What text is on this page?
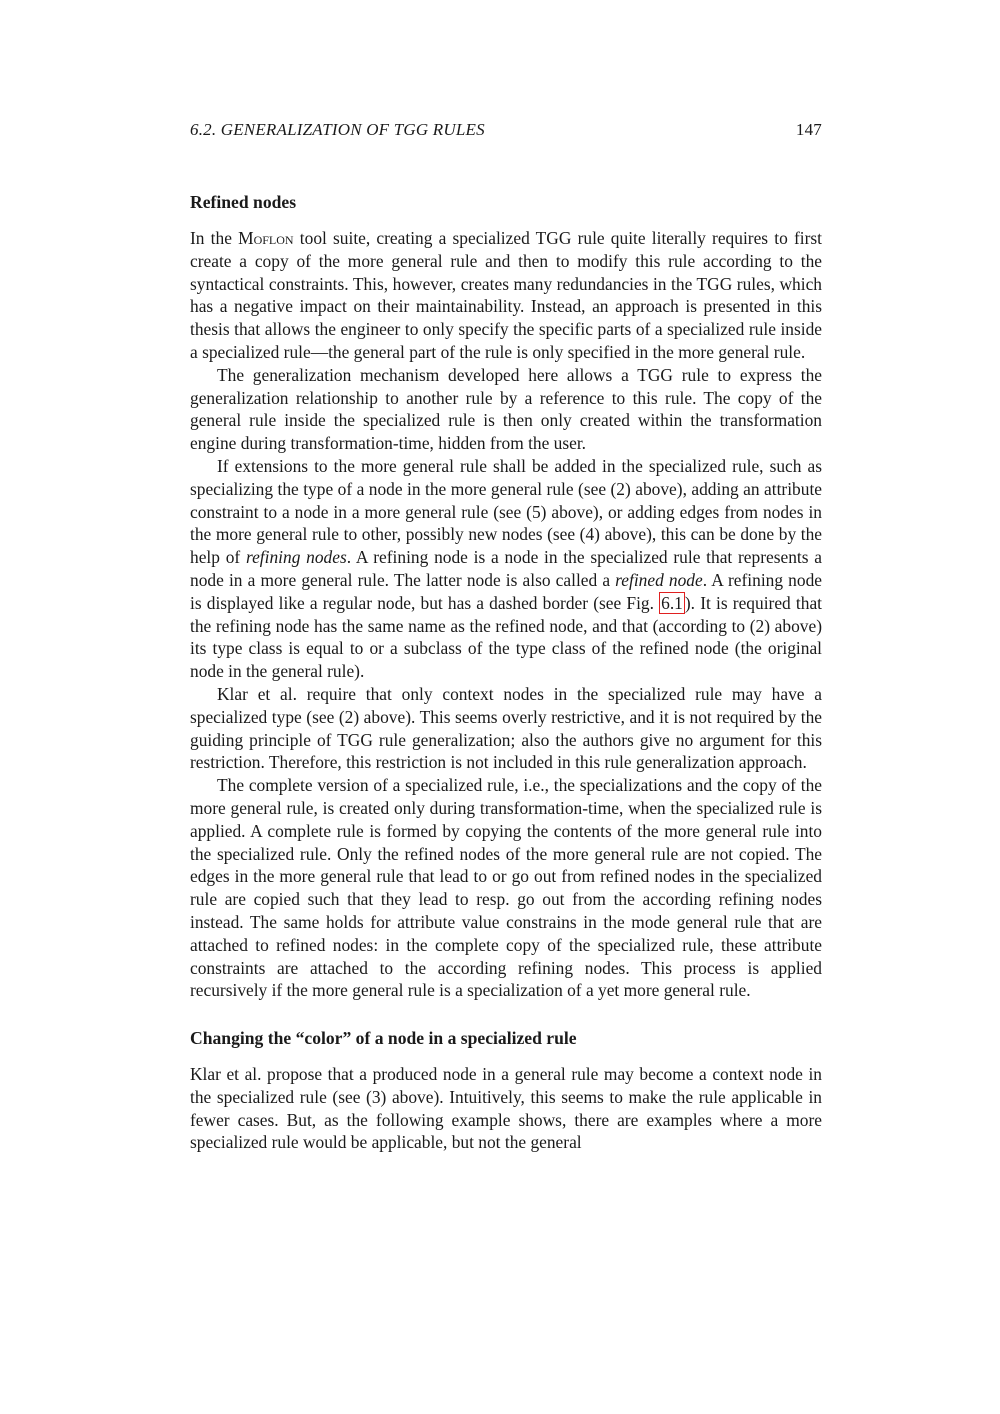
6.2. GENERALIZATION OF TGG RULES	147
Refined nodes

In the Moflon tool suite, creating a specialized TGG rule quite literally requires to first create a copy of the more general rule and then to modify this rule according to the syntactical constraints. This, however, creates many redundancies in the TGG rules, which has a negative impact on their maintainability. Instead, an approach is presented in this thesis that allows the engineer to only specify the specific parts of a specialized rule inside a specialized rule—the general part of the rule is only specified in the more general rule.

The generalization mechanism developed here allows a TGG rule to express the generalization relationship to another rule by a reference to this rule. The copy of the general rule inside the specialized rule is then only created within the transformation engine during transformation-time, hidden from the user.

If extensions to the more general rule shall be added in the specialized rule, such as specializing the type of a node in the more general rule (see (2) above), adding an attribute constraint to a node in a more general rule (see (5) above), or adding edges from nodes in the more general rule to other, possibly new nodes (see (4) above), this can be done by the help of refining nodes. A refining node is a node in the specialized rule that represents a node in a more general rule. The latter node is also called a refined node. A refining node is displayed like a regular node, but has a dashed border (see Fig. 6.1 ). It is required that the refining node has the same name as the refined node, and that (according to (2) above) its type class is equal to or a subclass of the type class of the refined node (the original node in the general rule).

Klar et al. require that only context nodes in the specialized rule may have a specialized type (see (2) above). This seems overly restrictive, and it is not required by the guiding principle of TGG rule generalization; also the authors give no argument for this restriction. Therefore, this restriction is not included in this rule generalization approach.

The complete version of a specialized rule, i.e., the specializations and the copy of the more general rule, is created only during transformation-time, when the specialized rule is applied. A complete rule is formed by copying the contents of the more general rule into the specialized rule. Only the refined nodes of the more general rule are not copied. The edges in the more general rule that lead to or go out from refined nodes in the specialized rule are copied such that they lead to resp. go out from the according refining nodes instead. The same holds for attribute value constrains in the mode general rule that are attached to refined nodes: in the complete copy of the specialized rule, these attribute constraints are attached to the according refining nodes. This process is applied recursively if the more general rule is a specialization of a yet more general rule.

Changing the “color” of a node in a specialized rule

Klar et al. propose that a produced node in a general rule may become a context node in the specialized rule (see (3) above). Intuitively, this seems to make the rule applicable in fewer cases. But, as the following example shows, there are examples where a more specialized rule would be applicable, but not the general
